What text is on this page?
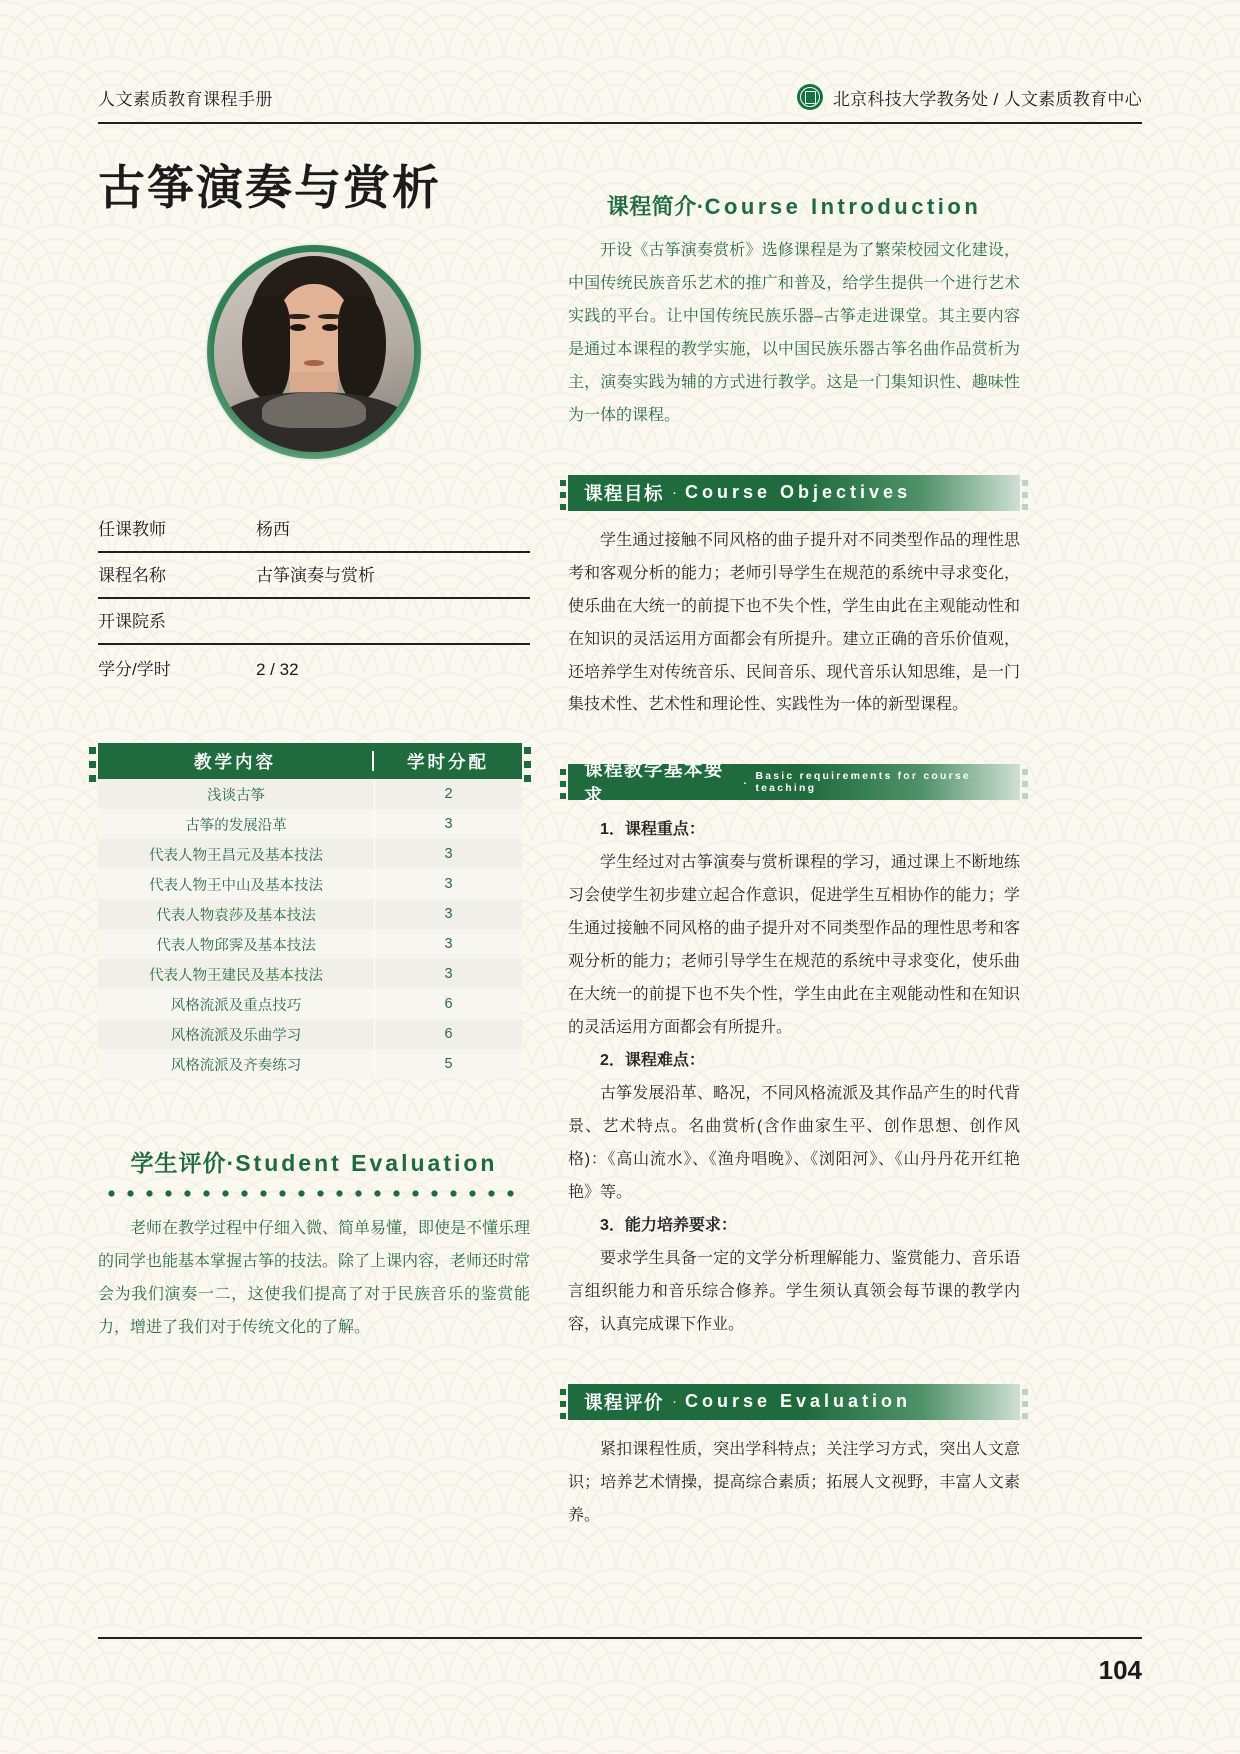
人文素质教育课程手册	北京科技大学教务处 / 人文素质教育中心
古筝演奏与赏析
任课教师	杨西
课程名称	古筝演奏与赏析
开课院系
学分/学时	2 / 32
教学内容	学时分配
浅谈古筝	2
古筝的发展沿革	3
代表人物王昌元及基本技法	3
代表人物王中山及基本技法	3
代表人物袁莎及基本技法	3
代表人物邱霁及基本技法	3
代表人物王建民及基本技法	3
风格流派及重点技巧	6
风格流派及乐曲学习	6
风格流派及齐奏练习	5
学生评价·Student Evaluation
老师在教学过程中仔细入微、简单易懂，即使是不懂乐理的同学也能基本掌握古筝的技法。除了上课内容，老师还时常会为我们演奏一二，这使我们提高了对于民族音乐的鉴赏能力，增进了我们对于传统文化的了解。
课程简介·Course Introduction
开设《古筝演奏赏析》选修课程是为了繁荣校园文化建设，中国传统民族音乐艺术的推广和普及，给学生提供一个进行艺术实践的平台。让中国传统民族乐器–古筝走进课堂。其主要内容是通过本课程的教学实施，以中国民族乐器古筝名曲作品赏析为主，演奏实践为辅的方式进行教学。这是一门集知识性、趣味性为一体的课程。
课程目标 · Course Objectives
学生通过接触不同风格的曲子提升对不同类型作品的理性思考和客观分析的能力；老师引导学生在规范的系统中寻求变化，使乐曲在大统一的前提下也不失个性，学生由此在主观能动性和在知识的灵活运用方面都会有所提升。建立正确的音乐价值观，还培养学生对传统音乐、民间音乐、现代音乐认知思维，是一门集技术性、艺术性和理论性、实践性为一体的新型课程。
课程教学基本要求
· Basic requirements for course teaching
1．课程重点：
学生经过对古筝演奏与赏析课程的学习，通过课上不断地练习会使学生初步建立起合作意识，促进学生互相协作的能力；学生通过接触不同风格的曲子提升对不同类型作品的理性思考和客观分析的能力；老师引导学生在规范的系统中寻求变化，使乐曲在大统一的前提下也不失个性，学生由此在主观能动性和在知识的灵活运用方面都会有所提升。
2．课程难点：
古筝发展沿革、略况，不同风格流派及其作品产生的时代背景、艺术特点。名曲赏析(含作曲家生平、创作思想、创作风格)：《高山流水》、《渔舟唱晚》、《浏阳河》、《山丹丹花开红艳艳》等。
3．能力培养要求：
要求学生具备一定的文学分析理解能力、鉴赏能力、音乐语言组织能力和音乐综合修养。学生须认真领会每节课的教学内容，认真完成课下作业。
课程评价 · Course Evaluation
紧扣课程性质，突出学科特点；关注学习方式，突出人文意识；培养艺术情操，提高综合素质；拓展人文视野，丰富人文素养。
104
